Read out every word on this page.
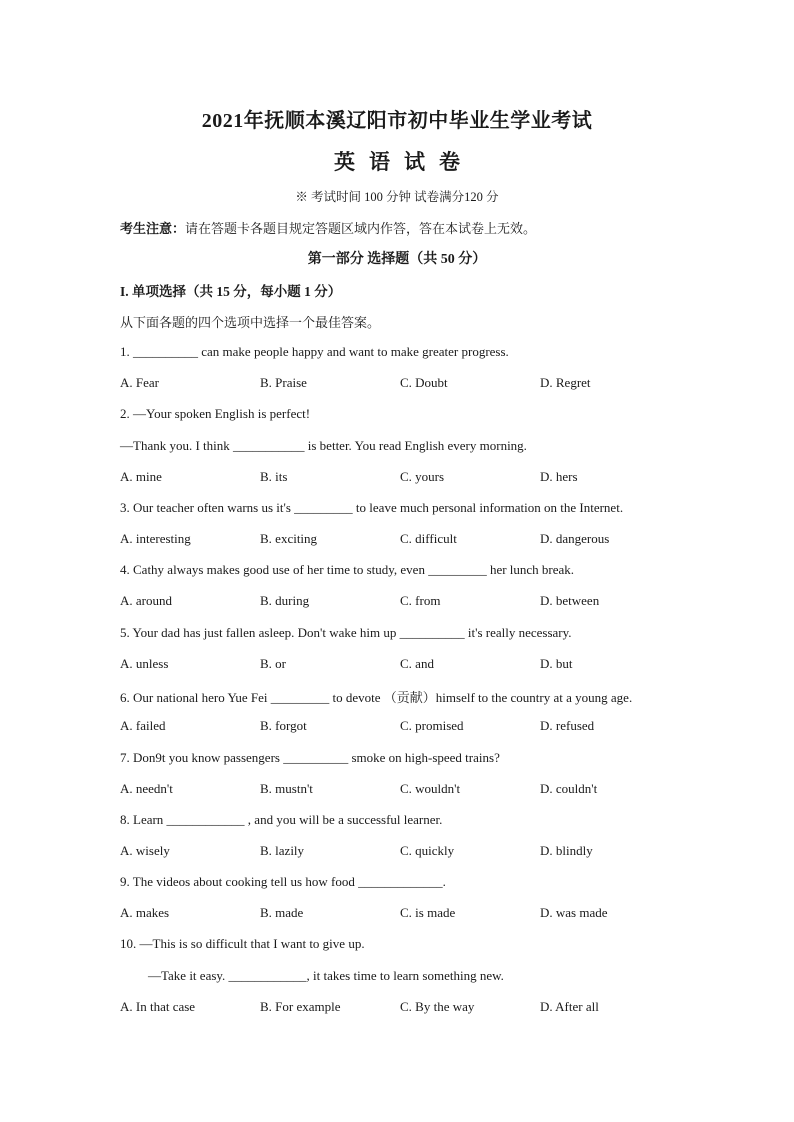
2021年抚顺本溪辽阳市初中毕业生学业考试
英语试卷
※ 考试时间 100 分钟 试卷满分120 分
考生注意：请在答题卡各题目规定答题区域内作答，答在本试卷上无效。
第一部分 选择题（共 50 分）
I. 单项选择（共 15 分，每小题 1 分）
从下面各题的四个选项中选择一个最佳答案。
1. __________ can make people happy and want to make greater progress.
A. Fear	B. Praise	C. Doubt	D. Regret
2. —Your spoken English is perfect!
—Thank you. I think ___________ is better. You read English every morning.
A. mine	B. its	C. yours	D. hers
3. Our teacher often warns us it's _________ to leave much personal information on the Internet.
A. interesting	B. exciting	C. difficult	D. dangerous
4. Cathy always makes good use of her time to study, even _________ her lunch break.
A. around	B. during	C. from	D. between
5. Your dad has just fallen asleep. Don't wake him up __________ it's really necessary.
A. unless	B. or	C. and	D. but
6. Our national hero Yue Fei _________ to devote （贡献）himself to the country at a young age.
A. failed	B. forgot	C. promised	D. refused
7. Don9t you know passengers __________ smoke on high-speed trains?
A. needn't	B. mustn't	C. wouldn't	D. couldn't
8. Learn ____________ , and you will be a successful learner.
A. wisely	B. lazily	C. quickly	D. blindly
9. The videos about cooking tell us how food _____________.
A. makes	B. made	C. is made	D. was made
10. —This is so difficult that I want to give up.
—Take it easy. ____________, it takes time to learn something new.
A. In that case	B. For example	C. By the way	D. After all
